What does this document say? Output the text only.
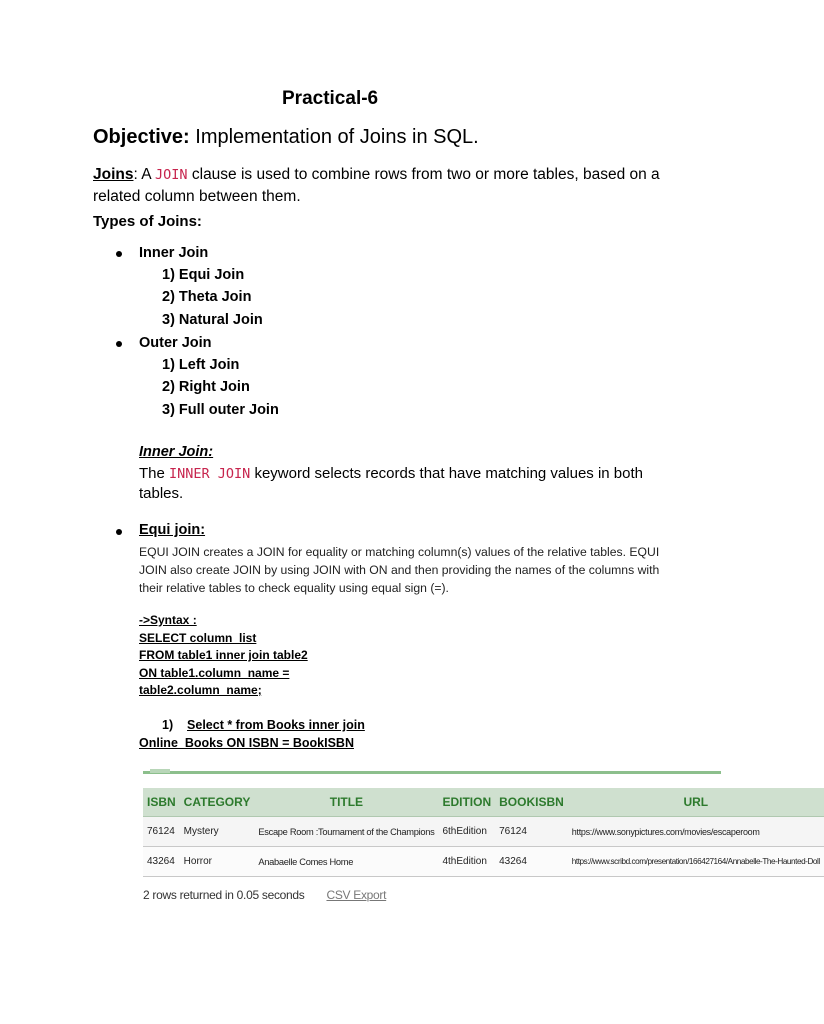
Practical-6
Objective: Implementation of Joins in SQL.
Joins: A JOIN clause is used to combine rows from two or more tables, based on a related column between them.
Types of Joins:
Inner Join
1) Equi Join
2) Theta Join
3) Natural Join
Outer Join
1) Left Join
2) Right Join
3) Full outer Join
Inner Join:
The INNER JOIN keyword selects records that have matching values in both tables.
Equi join:
EQUI JOIN creates a JOIN for equality or matching column(s) values of the relative tables. EQUI JOIN also create JOIN by using JOIN with ON and then providing the names of the columns with their relative tables to check equality using equal sign (=).
->Syntax :
SELECT column_list
FROM table1 inner join table2
ON table1.column_name =
table2.column_name;
1) Select * from Books inner join
Online_Books ON ISBN = BookISBN
ISBN	CATEGORY	TITLE	EDITION	BOOKISBN	URL
76124	Mystery	Escape Room :Tournament of the Champions	6thEdition	76124	https://www.sonypictures.com/movies/escaperoom
43264	Horror	Anabaelle Comes Home	4thEdition	43264	https://www.scribd.com/presentation/166427164/Annabelle-The-Haunted-Doll
2 rows returned in 0.05 seconds CSV Export
